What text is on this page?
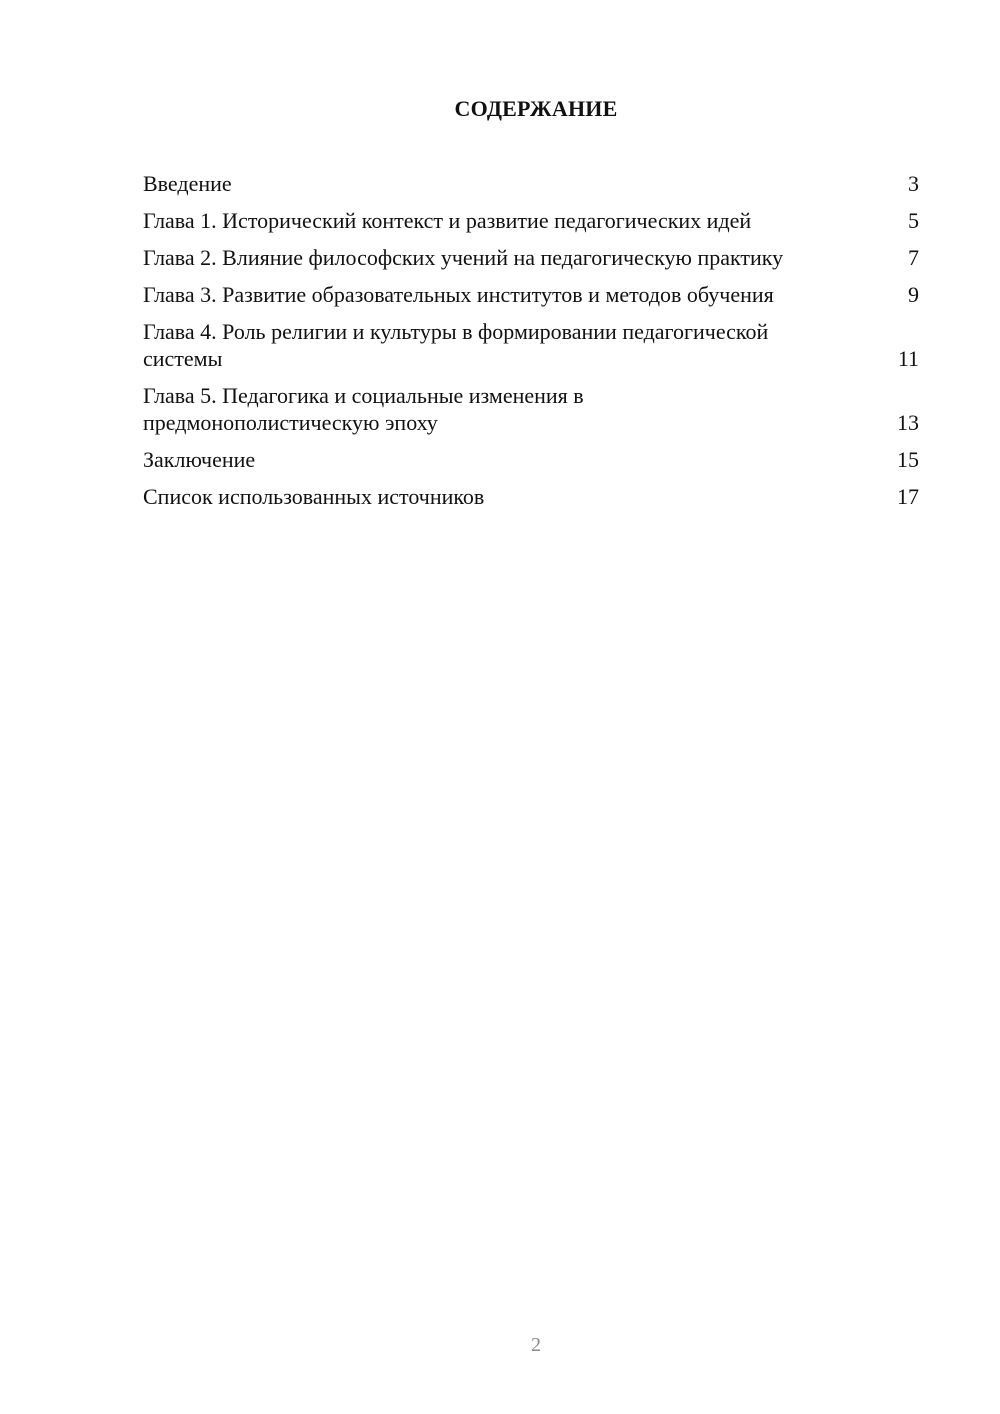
СОДЕРЖАНИЕ
Введение	3
Глава 1. Исторический контекст и развитие педагогических идей	5
Глава 2. Влияние философских учений на педагогическую практику	7
Глава 3. Развитие образовательных институтов и методов обучения	9
Глава 4. Роль религии и культуры в формировании педагогической системы	11
Глава 5. Педагогика и социальные изменения в предмонополистическую эпоху	13
Заключение	15
Список использованных источников	17
2
